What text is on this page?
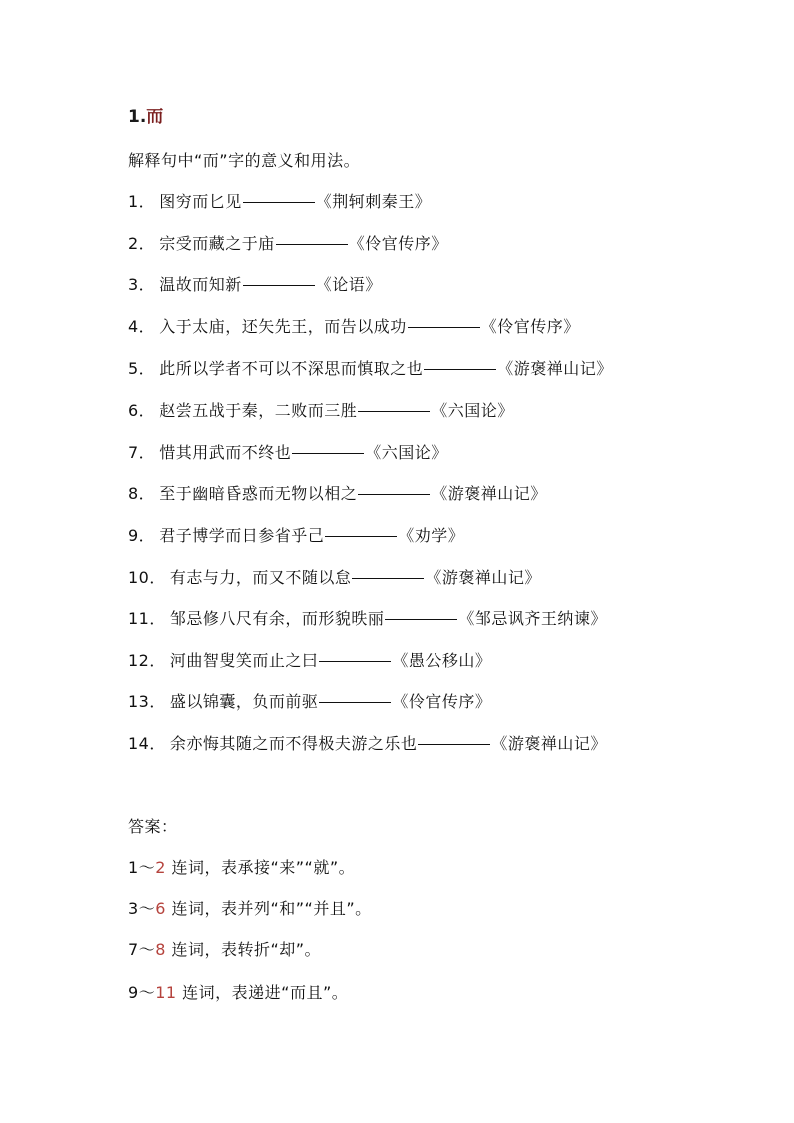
1.而
解释句中“而”字的意义和用法。
1． 图穷而匕见	《荆轲刺秦王》
2． 宗受而藏之于庙	《伶官传序》
3． 温故而知新	《论语》
4． 入于太庙，还矢先王，而告以成功	《伶官传序》
5． 此所以学者不可以不深思而慎取之也	《游褒禅山记》
6． 赵尝五战于秦，二败而三胜	《六国论》
7． 惜其用武而不终也	《六国论》
8． 至于幽暗昏惑而无物以相之	《游褒禅山记》
9． 君子博学而日参省乎己	《劝学》
10． 有志与力，而又不随以怠	《游褒禅山记》
11． 邹忌修八尺有余，而形貌昳丽	《邹忌讽齐王纳谏》
12． 河曲智叟笑而止之曰	《愚公移山》
13． 盛以锦囊，负而前驱	《伶官传序》
14． 余亦悔其随之而不得极夫游之乐也	《游褒禅山记》
答案：
1～2 连词，表承接“来”“就”。
3～6 连词，表并列“和”“并且”。
7～8 连词，表转折“却”。
9～11 连词，表递进“而且”。
